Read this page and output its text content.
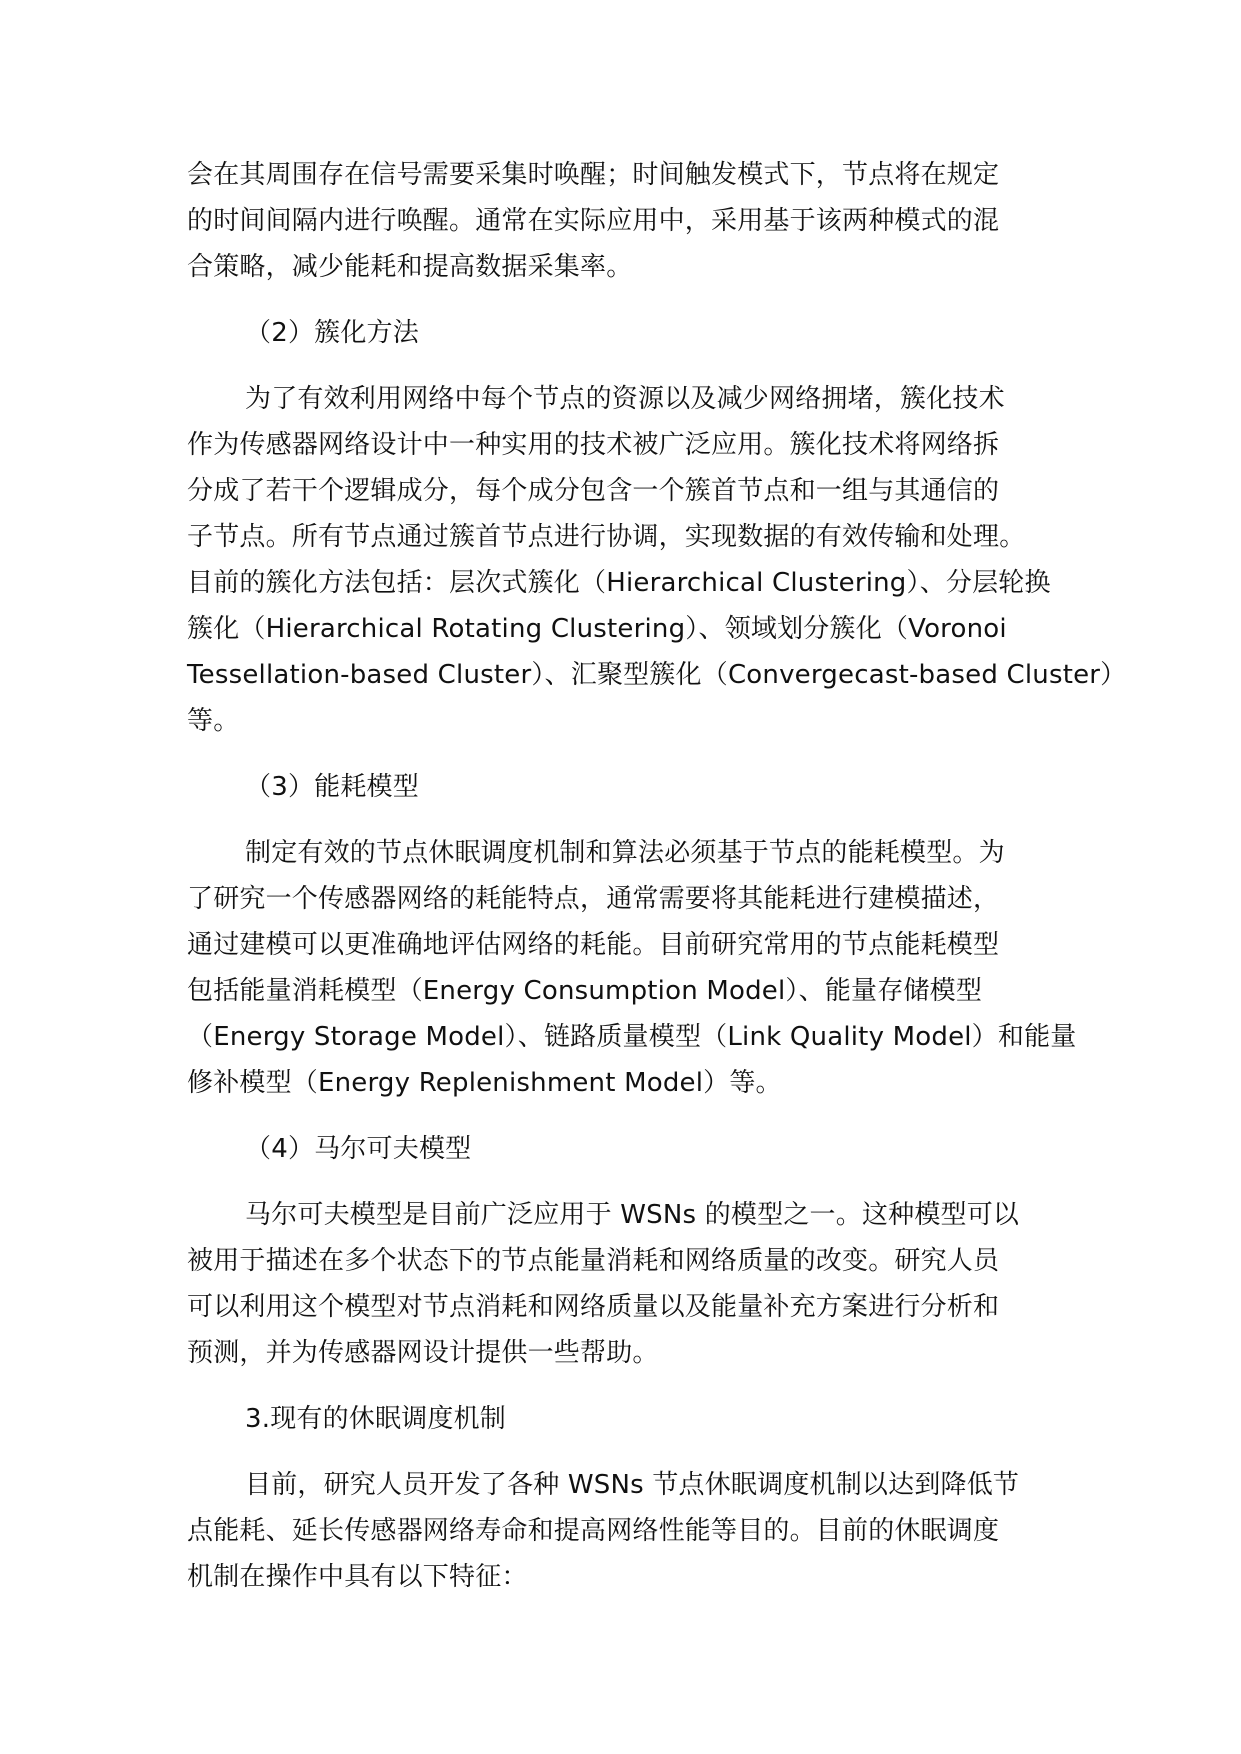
会在其周围存在信号需要采集时唤醒；时间触发模式下，节点将在规定
的时间间隔内进行唤醒。通常在实际应用中，采用基于该两种模式的混
合策略，减少能耗和提高数据采集率。
（2）簇化方法
为了有效利用网络中每个节点的资源以及减少网络拥堵，簇化技术
作为传感器网络设计中一种实用的技术被广泛应用。簇化技术将网络拆
分成了若干个逻辑成分，每个成分包含一个簇首节点和一组与其通信的
子节点。所有节点通过簇首节点进行协调，实现数据的有效传输和处理。
目前的簇化方法包括：层次式簇化（Hierarchical Clustering）、分层轮换
簇化（Hierarchical Rotating Clustering）、领域划分簇化（Voronoi
Tessellation-based Cluster）、汇聚型簇化（Convergecast-based Cluster）
等。
（3）能耗模型
制定有效的节点休眠调度机制和算法必须基于节点的能耗模型。为
了研究一个传感器网络的耗能特点，通常需要将其能耗进行建模描述，
通过建模可以更准确地评估网络的耗能。目前研究常用的节点能耗模型
包括能量消耗模型（Energy Consumption Model）、能量存储模型
（Energy Storage Model）、链路质量模型（Link Quality Model）和能量
修补模型（Energy Replenishment Model）等。
（4）马尔可夫模型
马尔可夫模型是目前广泛应用于 WSNs 的模型之一。这种模型可以
被用于描述在多个状态下的节点能量消耗和网络质量的改变。研究人员
可以利用这个模型对节点消耗和网络质量以及能量补充方案进行分析和
预测，并为传感器网设计提供一些帮助。
3.现有的休眠调度机制
目前，研究人员开发了各种 WSNs 节点休眠调度机制以达到降低节
点能耗、延长传感器网络寿命和提高网络性能等目的。目前的休眠调度
机制在操作中具有以下特征：
